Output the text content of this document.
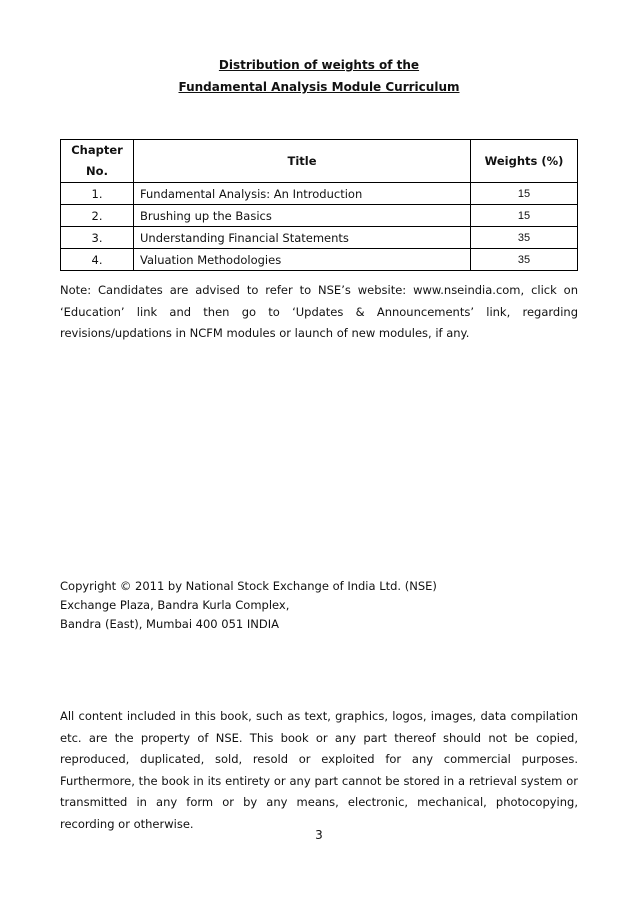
Distribution of weights of the
Fundamental Analysis Module Curriculum
Chapter No.	Title	Weights (%)
1.	Fundamental Analysis: An Introduction	15
2.	Brushing up the Basics	15
3.	Understanding Financial Statements	35
4.	Valuation Methodologies	35
Note: Candidates are advised to refer to NSE’s website: www.nseindia.com, click on ‘Education’ link and then go to ‘Updates & Announcements’ link, regarding revisions/updations in NCFM modules or launch of new modules, if any.
Copyright © 2011 by National Stock Exchange of India Ltd. (NSE)
Exchange Plaza, Bandra Kurla Complex,
Bandra (East), Mumbai 400 051 INDIA
All content included in this book, such as text, graphics, logos, images, data compilation etc. are the property of NSE. This book or any part thereof should not be copied, reproduced, duplicated, sold, resold or exploited for any commercial purposes. Furthermore, the book in its entirety or any part cannot be stored in a retrieval system or transmitted in any form or by any means, electronic, mechanical, photocopying, recording or otherwise.
3
